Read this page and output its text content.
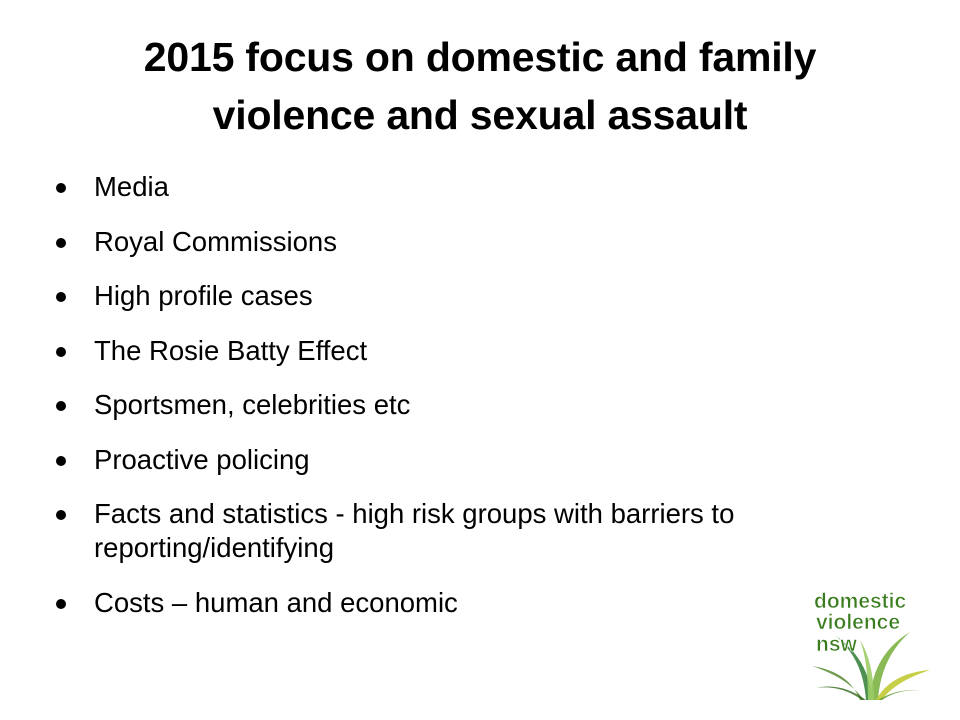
2015 focus on domestic and family violence and sexual assault
Media
Royal Commissions
High profile cases
The Rosie Batty Effect
Sportsmen, celebrities etc
Proactive policing
Facts and statistics - high risk groups with barriers to reporting/identifying
Costs – human and economic	domestic
violence
nsw
